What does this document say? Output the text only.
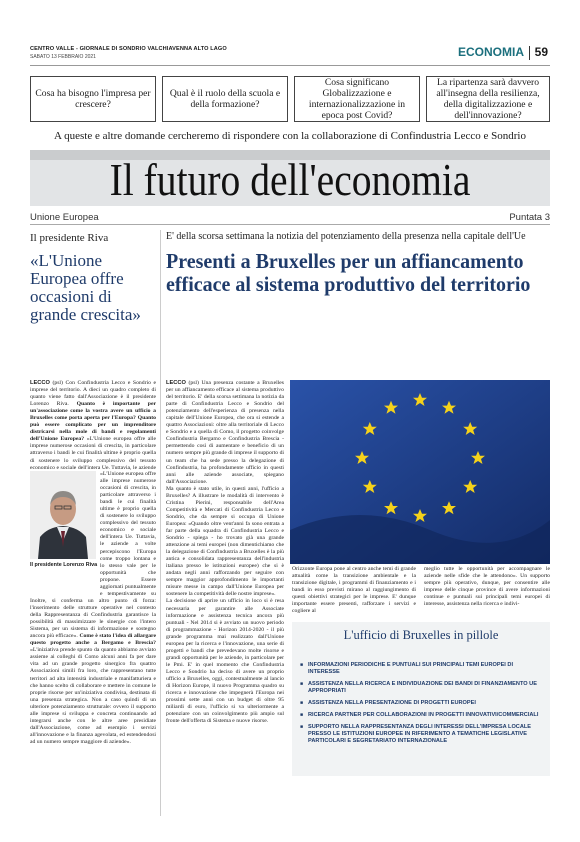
CENTRO VALLE - GIORNALE DI SONDRIO VALCHIAVENNA ALTO LAGO
SABATO 13 FEBBRAIO 2021	ECONOMIA 59
Cosa ha bisogno l'impresa per crescere?
Qual è il ruolo della scuola e della formazione?
Cosa significano Globalizzazione e internazionalizzazione in epoca post Covid?
La ripartenza sarà davvero all'insegna della resilienza, della digitalizzazione e dell'innovazione?
A queste e altre domande cercheremo di rispondere con la collaborazione di Confindustria Lecco e Sondrio
Il futuro dell'economia
Unione Europea	Puntata 3
Il presidente Riva
«L'Unione Europea offre occasioni di grande crescita»
LECCO (psl) Con Confindustria Lecco e Sondrio e imprese del territorio. A dieci un quadro completo di quanto viene fatto dall'Associazione è il presidente Lorenzo Riva. Quanto è importante per un'associazione come la vostra avere un ufficio a Bruxelles come porta aperta per l'Europa? Quanto può essere complicato per un imprenditore districarsi nella mole di bandi e regolamenti dell'Unione Europea? «L'Unione europea offre alle imprese numerose occasioni di crescita, in particolare attraverso i bandi le cui finalità ultime è proprio quella di sostenere lo sviluppo complessivo del tessuto economico e sociale dell'intera Ue. Tuttavia, le aziende
«L'Unione europea offre alle imprese numerose occasioni di crescita, in particolare attraverso i bandi le cui finalità ultime è proprio quella di sostenere lo sviluppo complessivo del tessuto economico e sociale dell'intera Ue. Tuttavia, le aziende a volte percepiscono l'Europa come troppo lontana e lo stesso vale per le opportunità che propone. Essere aggiornati puntualmente e tempestivamente su
Il presidente Lorenzo Riva
Inoltre, si conferma un altro punto di forza: l'inserimento delle strutture operative nel contesto della Rappresentanza di Confindustria garantisce la possibilità di massimizzare le sinergie con l'intero Sistema, per un sistema di informazione e sostegno ancora più efficace». Come è stato l'idea di allargare questo progetto anche a Bergamo e Brescia? «L'iniziativa prende spunto da quanto abbiamo avviato assieme ai colleghi di Como alcuni anni fa per dare vita ad un grande progetto sinergico fra quattro Associazioni simili fra loro, che rappresentano tutte territori ad alta intensità industriale e manifatturiera e che hanno scelto di collaborare e mettere in comune le proprie risorse per un'iniziativa condivisa, destinata di una presenza strategica. Non a caso quindi di un ulteriore potenziamento strutturale: ovvero il supporto alle imprese si sviluppa e concreta continuando ad integrarsi anche con le altre aree presidiate dall'Associazione, come ad esempio i servizi all'innovazione e la finanza agevolata, ed estendendosi ad un numero sempre maggiore di aziende».
E' della scorsa settimana la notizia del potenziamento della presenza nella capitale dell'Ue
Presenti a Bruxelles per un affiancamento
efficace al sistema produttivo del territorio
LECCO (psl) Una presenza costante a Bruxelles per un affiancamento efficace al sistema produttivo del territorio. E' della scorsa settimana la notizia da parte di Confindustria Lecco e Sondrio del potenziamento dell'esperienza di presenza nella capitale dell'Unione Europea, che ora si estende a quattro Associazioni: oltre alla territoriale di Lecco e Sondrio e a quella di Como, il progetto coinvolge Confindustria Bergamo e Confindustria Brescia - permettendo così di aumentare e beneficio di un numero sempre più grande di imprese il supporto di un team che ha sede presso la delegazione di Confindustria, ha profondamente ufficio in questi anni alle aziende associate, spiegano dall'Associazione.
Ma quanto è stato utile, in questi anni, l'ufficio a Bruxelles? A illustrare le modalità di intervento è Cristina Pierini, responsabile dell'Area Competitività e Mercati di Confindustria Lecco e Sondrio, che da sempre si occupa di Unione Europea: «Quando oltre vent'anni fa sono entrata a far parte della squadra di Confindustria Lecco e Sondrio - spiega - ho trovato già una grande attenzione ai temi europei (non dimentichiamo che la delegazione di Confindustria a Bruxelles è la più antica e consolidata rappresentanza dell'industria italiana presso le istituzioni europee) che si è andata negli anni rafforzando per seguire con sempre maggior approfondimento le importanti misure messe in campo dall'Unione Europea per sostenere la competitività delle nostre imprese».
La decisione di aprire un ufficio in loco si è resa necessaria per garantire alle Associate informazione e assistenza tecnica ancora più puntuali - Nel 2014 si è avviato un nuovo periodo di programmazione - Horizon 2014-2020 - il più grande programma mai realizzato dall'Unione europea per la ricerca e l'innovazione, una serie di progetti e bandi che prevedevano molte risorse e grandi opportunità per le aziende, in particolare per le Pmi. E' in quel momento che Confindustria Lecco e Sondrio ha deciso di avere un proprio ufficio a Bruxelles, oggi, contestualmente al lancio di Horizon Europe, il nuovo Programma quadro su ricerca e innovazione che impegnerà l'Europa nei prossimi sette anni con un budget di oltre 95 miliardi di euro, l'ufficio si va ulteriormente a potenziare con un coinvolgimento più ampio sul fronte dell'offerta di Sistema e nuove risorse.
Orizzonte Europa pone al centro anche temi di grande attualità come la transizione ambientale e la transizione digitale, i programmi di finanziamento e i bandi in esso previsti mirano al raggiungimento di questi obiettivi strategici per le imprese. E' dunque importante essere presenti, rafforzare i servizi e cogliere al
meglio tutte le opportunità per accompagnare le aziende nelle sfide che le attendono». Un supporto sempre più operativo, dunque, per consentire alle imprese delle cinque province di avere informazioni continue e puntuali sui principali temi europei di interesse, assistenza nella ricerca e indivi-
L'ufficio di Bruxelles in pillole
■ INFORMAZIONI PERIODICHE E PUNTUALI SUI PRINCIPALI TEMI EUROPEI DI INTERESSE
■ ASSISTENZA NELLA RICERCA E INDIVIDUAZIONE DEI BANDI DI FINANZIAMENTO UE APPROPRIATI
■ ASSISTENZA NELLA PRESENTAZIONE DI PROGETTI EUROPEI
■ RICERCA PARTNER PER COLLABORAZIONI IN PROGETTI INNOVATIVI/COMMERCIALI
■ SUPPORTO NELLA RAPPRESENTANZA DEGLI INTERESSI DELL'IMPRESA LOCALE PRESSO LE ISTITUZIONI EUROPEE IN RIFERIMENTO A TEMATICHE LEGISLATIVE PARTICOLARI E SEGRETARIATO INTERNAZIONALE
